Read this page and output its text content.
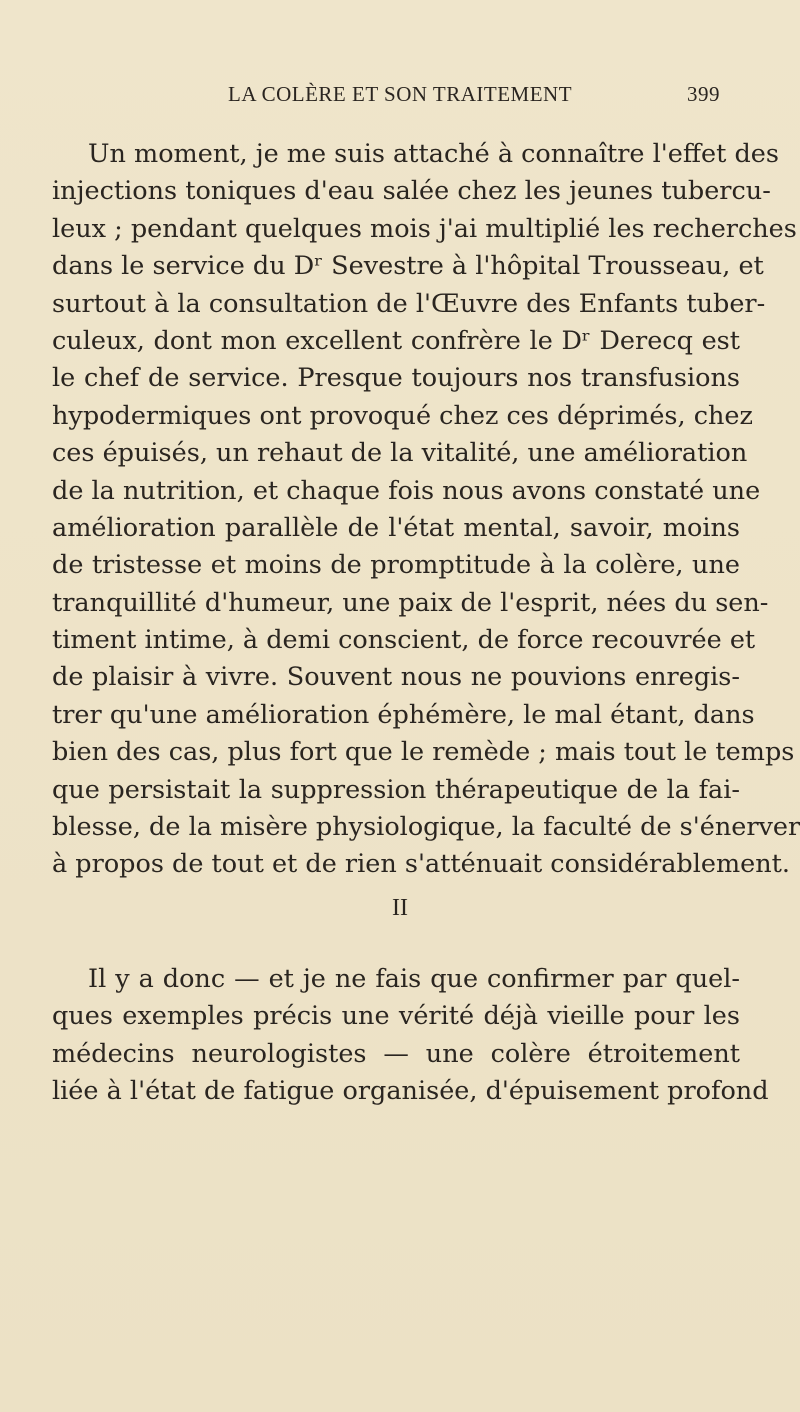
LA COLÈRE ET SON TRAITEMENT	399
Un moment, je me suis attaché à connaître l'effet des
injections toniques d'eau salée chez les jeunes tubercu-
leux ; pendant quelques mois j'ai multiplié les recherches
dans le service du Dʳ Sevestre à l'hôpital Trousseau, et
surtout à la consultation de l'Œuvre des Enfants tuber-
culeux, dont mon excellent confrère le Dʳ Derecq est
le chef de service. Presque toujours nos transfusions
hypodermiques ont provoqué chez ces déprimés, chez
ces épuisés, un rehaut de la vitalité, une amélioration
de la nutrition, et chaque fois nous avons constaté une
amélioration parallèle de l'état mental, savoir, moins
de tristesse et moins de promptitude à la colère, une
tranquillité d'humeur, une paix de l'esprit, nées du sen-
timent intime, à demi conscient, de force recouvrée et
de plaisir à vivre. Souvent nous ne pouvions enregis-
trer qu'une amélioration éphémère, le mal étant, dans
bien des cas, plus fort que le remède ; mais tout le temps
que persistait la suppression thérapeutique de la fai-
blesse, de la misère physiologique, la faculté de s'énerver
à propos de tout et de rien s'atténuait considérablement.
II
Il y a donc — et je ne fais que confirmer par quel-
ques exemples précis une vérité déjà vieille pour les
médecins neurologistes — une colère étroitement
liée à l'état de fatigue organisée, d'épuisement profond
